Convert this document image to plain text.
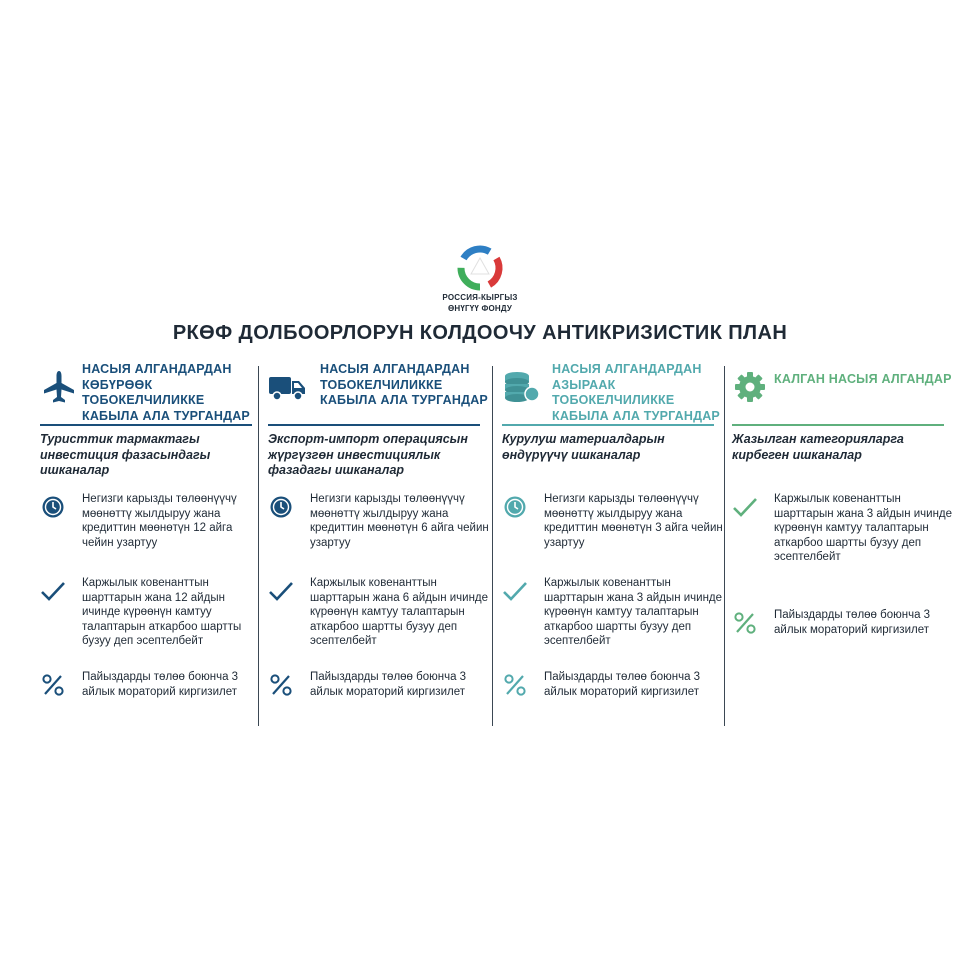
РОССИЯ-КЫРГЫЗ
ӨНҮГҮҮ ФОНДУ
РКӨФ ДОЛБООРЛОРУН КОЛДООЧУ АНТИКРИЗИСТИК ПЛАН
НАСЫЯ АЛГАНДАРДАН КӨБҮРӨӨК ТОБОКЕЛЧИЛИККЕ КАБЫЛА АЛА ТУРГАНДАР
Туристтик тармактагы инвестиция фазасындагы ишканалар
Негизги карызды төлөөнүүчү мөөнөттү жылдыруу жана кредиттин мөөнөтүн 12 айга чейин узартуу
Каржылык ковенанттын шарттарын жана 12 айдын ичинде күрөөнүн камтуу талаптарын аткарбоо шартты бузуу деп эсептелбейт
Пайыздарды төлөө боюнча 3 айлык мораторий киргизилет
НАСЫЯ АЛГАНДАРДАН ТОБОКЕЛЧИЛИККЕ КАБЫЛА АЛА ТУРГАНДАР
Экспорт-импорт операциясын жүргүзгөн инвестициялык фазадагы ишканалар
Негизги карызды төлөөнүүчү мөөнөттү жылдыруу жана кредиттин мөөнөтүн 6 айга чейин узартуу
Каржылык ковенанттын шарттарын жана 6 айдын ичинде күрөөнүн камтуу талаптарын аткарбоо шартты бузуу деп эсептелбейт
Пайыздарды төлөө боюнча 3 айлык мораторий киргизилет
НАСЫЯ АЛГАНДАРДАН АЗЫРААК ТОБОКЕЛЧИЛИККЕ КАБЫЛА АЛА ТУРГАНДАР
Курулуш материалдарын өндүрүүчү ишканалар
Негизги карызды төлөөнүүчү мөөнөттү жылдыруу жана кредиттин мөөнөтүн 3 айга чейин узартуу
Каржылык ковенанттын шарттарын жана 3 айдын ичинде күрөөнүн камтуу талаптарын аткарбоо шартты бузуу деп эсептелбейт
Пайыздарды төлөө боюнча 3 айлык мораторий киргизилет
КАЛГАН НАСЫЯ АЛГАНДАР
Жазылган категорияларга кирбеген ишканалар
Каржылык ковенанттын шарттарын жана 3 айдын ичинде күрөөнүн камтуу талаптарын аткарбоо шартты бузуу деп эсептелбейт
Пайыздарды төлөө боюнча 3 айлык мораторий киргизилет
